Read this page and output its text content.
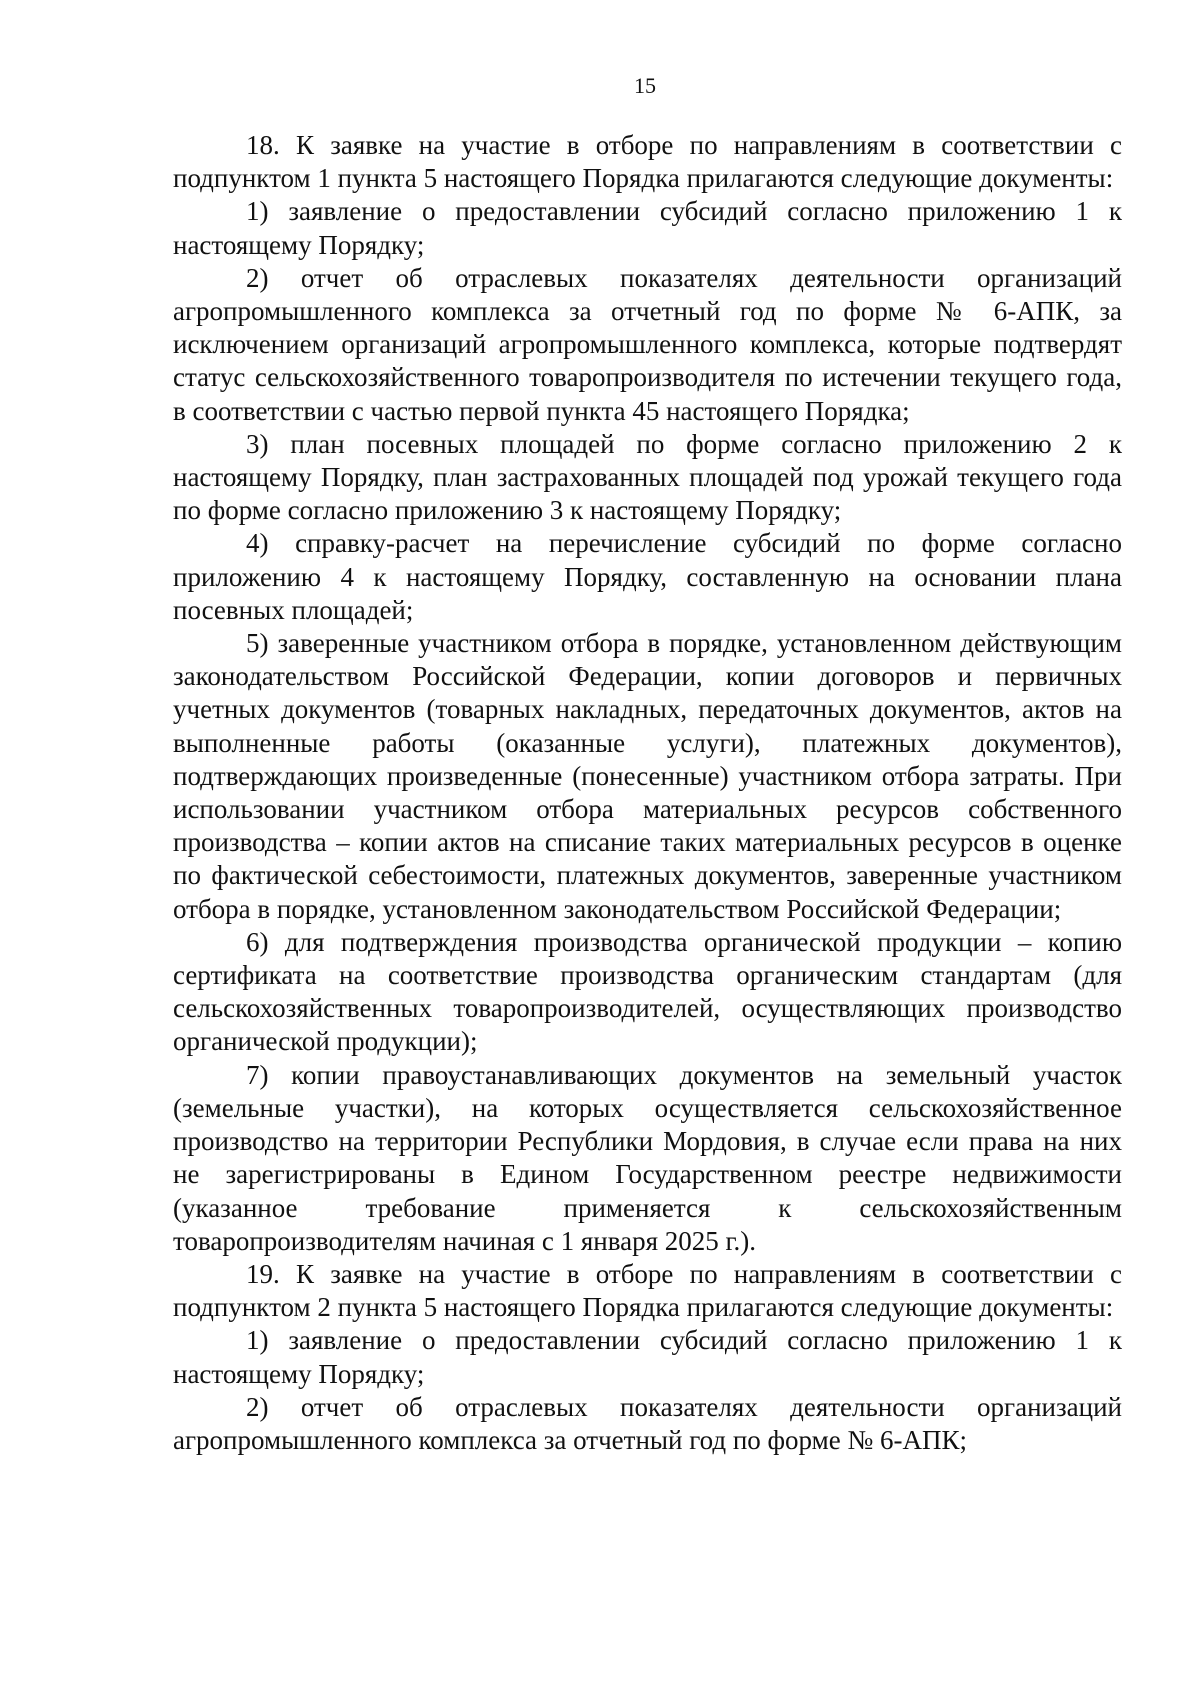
15

18. К заявке на участие в отборе по направлениям в соответствии с подпунктом 1 пункта 5 настоящего Порядка прилагаются следующие документы:

1) заявление о предоставлении субсидий согласно приложению 1 к настоящему Порядку;

2) отчет об отраслевых показателях деятельности организаций агропромышленного комплекса за отчетный год по форме № 6-АПК, за исключением организаций агропромышленного комплекса, которые подтвердят статус сельскохозяйственного товаропроизводителя по истечении текущего года, в соответствии с частью первой пункта 45 настоящего Порядка;

3) план посевных площадей по форме согласно приложению 2 к настоящему Порядку, план застрахованных площадей под урожай текущего года по форме согласно приложению 3 к настоящему Порядку;

4) справку-расчет на перечисление субсидий по форме согласно приложению 4 к настоящему Порядку, составленную на основании плана посевных площадей;

5) заверенные участником отбора в порядке, установленном действующим законодательством Российской Федерации, копии договоров и первичных учетных документов (товарных накладных, передаточных документов, актов на выполненные работы (оказанные услуги), платежных документов), подтверждающих произведенные (понесенные) участником отбора затраты. При использовании участником отбора материальных ресурсов собственного производства – копии актов на списание таких материальных ресурсов в оценке по фактической себестоимости, платежных документов, заверенные участником отбора в порядке, установленном законодательством Российской Федерации;

6) для подтверждения производства органической продукции – копию сертификата на соответствие производства органическим стандартам (для сельскохозяйственных товаропроизводителей, осуществляющих производство органической продукции);

7) копии правоустанавливающих документов на земельный участок (земельные участки), на которых осуществляется сельскохозяйственное производство на территории Республики Мордовия, в случае если права на них не зарегистрированы в Едином Государственном реестре недвижимости (указанное требование применяется к сельскохозяйственным товаропроизводителям начиная с 1 января 2025 г.).

19. К заявке на участие в отборе по направлениям в соответствии с подпунктом 2 пункта 5 настоящего Порядка прилагаются следующие документы:

1) заявление о предоставлении субсидий согласно приложению 1 к настоящему Порядку;

2) отчет об отраслевых показателях деятельности организаций агропромышленного комплекса за отчетный год по форме № 6-АПК;
